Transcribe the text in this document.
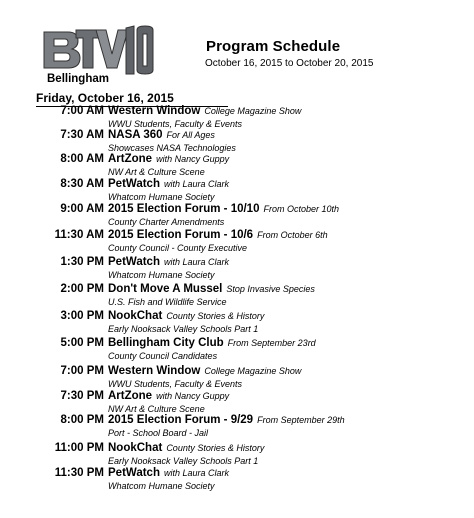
Bellingham
Program Schedule
October 16, 2015 to October 20, 2015
Friday, October 16, 2015
7:00 AM Western Window College Magazine Show
WWU Students, Faculty & Events
7:30 AM NASA 360 For All Ages
Showcases NASA Technologies
8:00 AM ArtZone with Nancy Guppy
NW Art & Culture Scene
8:30 AM PetWatch with Laura Clark
Whatcom Humane Society
9:00 AM 2015 Election Forum - 10/10 From October 10th
County Charter Amendments
11:30 AM 2015 Election Forum - 10/6 From October 6th
County Council - County Executive
1:30 PM PetWatch with Laura Clark
Whatcom Humane Society
2:00 PM Don't Move A Mussel Stop Invasive Species
U.S. Fish and Wildlife Service
3:00 PM NookChat County Stories & History
Early Nooksack Valley Schools Part 1
5:00 PM Bellingham City Club From September 23rd
County Council Candidates
7:00 PM Western Window College Magazine Show
WWU Students, Faculty & Events
7:30 PM ArtZone with Nancy Guppy
NW Art & Culture Scene
8:00 PM 2015 Election Forum - 9/29 From September 29th
Port - School Board - Jail
11:00 PM NookChat County Stories & History
Early Nooksack Valley Schools Part 1
11:30 PM PetWatch with Laura Clark
Whatcom Humane Society
